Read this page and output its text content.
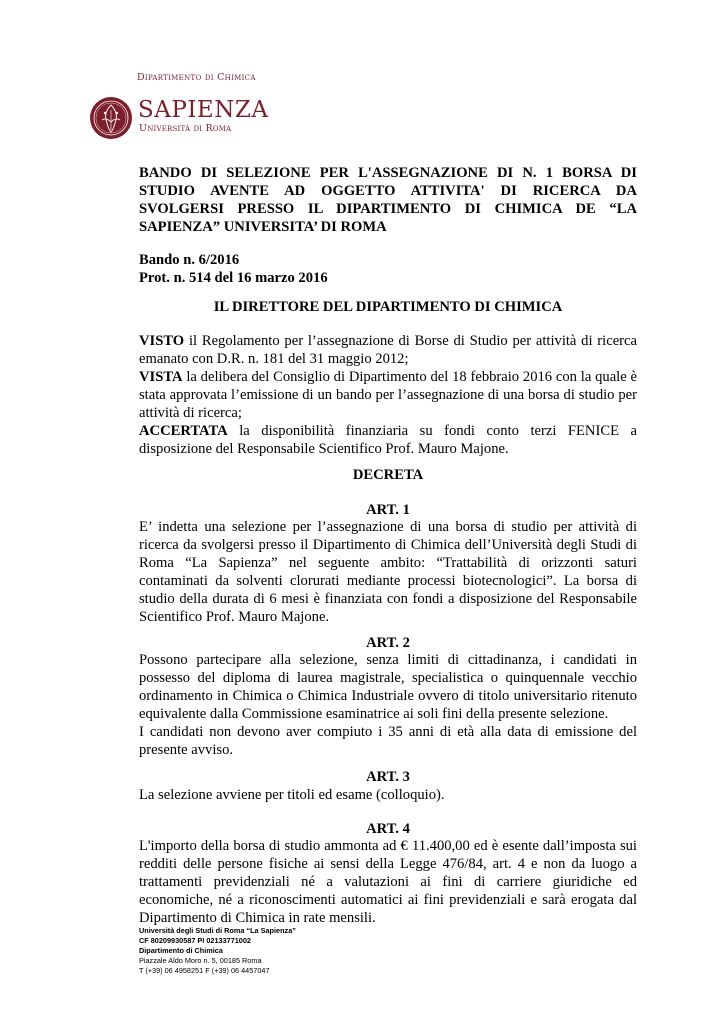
Dipartimento di Chimica
SAPIENZA
Università di Roma
BANDO DI SELEZIONE PER L'ASSEGNAZIONE DI N. 1 BORSA DI STUDIO AVENTE AD OGGETTO ATTIVITA' DI RICERCA DA SVOLGERSI PRESSO IL DIPARTIMENTO DI CHIMICA DE “LA SAPIENZA” UNIVERSITA’ DI ROMA

Bando n. 6/2016

Prot. n. 514 del 16 marzo 2016

IL DIRETTORE DEL DIPARTIMENTO DI CHIMICA

VISTO il Regolamento per l’assegnazione di Borse di Studio per attività di ricerca emanato con D.R. n. 181 del 31 maggio 2012;

VISTA la delibera del Consiglio di Dipartimento del 18 febbraio 2016 con la quale è stata approvata l’emissione di un bando per l’assegnazione di una borsa di studio per attività di ricerca;

ACCERTATA la disponibilità finanziaria su fondi conto terzi FENICE a disposizione del Responsabile Scientifico Prof. Mauro Majone.

DECRETA
ART. 1
E’ indetta una selezione per l’assegnazione di una borsa di studio per attività di ricerca da svolgersi presso il Dipartimento di Chimica dell’Università degli Studi di Roma “La Sapienza” nel seguente ambito: “Trattabilità di orizzonti saturi contaminati da solventi clorurati mediante processi biotecnologici”. La borsa di studio della durata di 6 mesi è finanziata con fondi a disposizione del Responsabile Scientifico Prof. Mauro Majone.
ART. 2

Possono partecipare alla selezione, senza limiti di cittadinanza, i candidati in possesso del diploma di laurea magistrale, specialistica o quinquennale vecchio ordinamento in Chimica o Chimica Industriale ovvero di titolo universitario ritenuto equivalente dalla Commissione esaminatrice ai soli fini della presente selezione.

I candidati non devono aver compiuto i 35 anni di età alla data di emissione del presente avviso.

ART. 3
La selezione avviene per titoli ed esame (colloquio).
ART. 4
L'importo della borsa di studio ammonta ad € 11.400,00 ed è esente dall’imposta sui redditi delle persone fisiche ai sensi della Legge 476/84, art. 4 e non da luogo a trattamenti previdenziali né a valutazioni ai fini di carriere giuridiche ed economiche, né a riconoscimenti automatici ai fini previdenziali e sarà erogata dal Dipartimento di Chimica in rate mensili.
Università degli Studi di Roma “La Sapienza”
CF 80209930587 PI 02133771002
Dipartimento di Chimica
Piazzale Aldo Moro n. 5, 00185 Roma
T (+39) 06 4958251 F (+39) 06 4457047
